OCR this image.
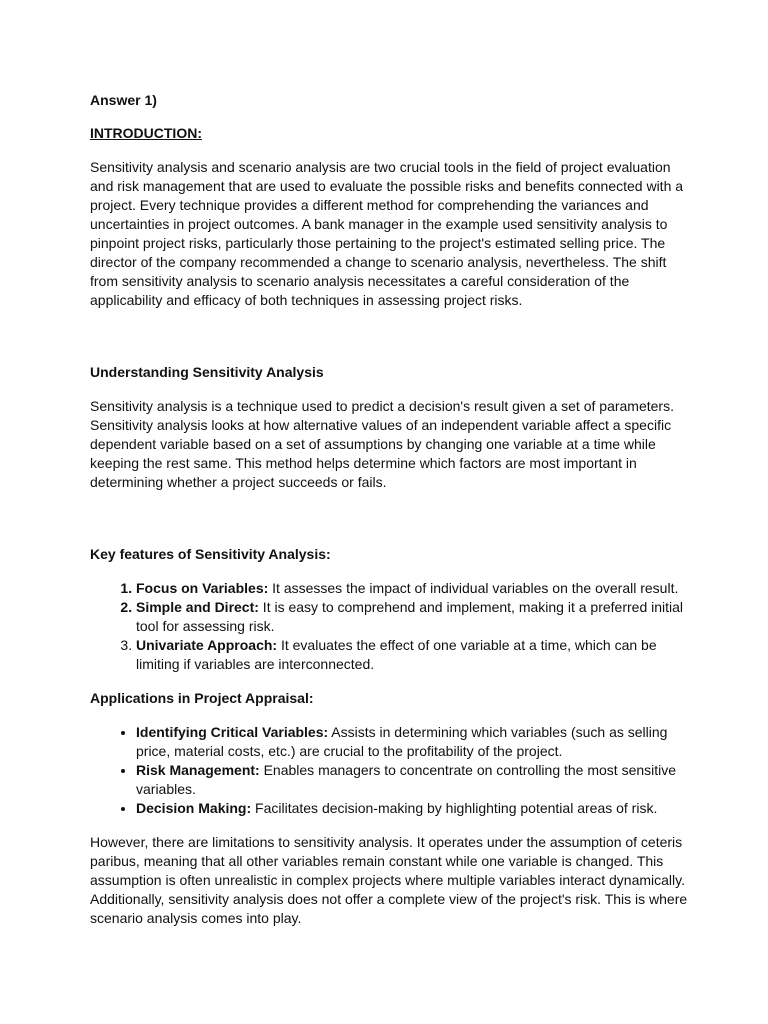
Answer 1)

INTRODUCTION:

Sensitivity analysis and scenario analysis are two crucial tools in the field of project evaluation and risk management that are used to evaluate the possible risks and benefits connected with a project. Every technique provides a different method for comprehending the variances and uncertainties in project outcomes. A bank manager in the example used sensitivity analysis to pinpoint project risks, particularly those pertaining to the project's estimated selling price. The director of the company recommended a change to scenario analysis, nevertheless. The shift from sensitivity analysis to scenario analysis necessitates a careful consideration of the applicability and efficacy of both techniques in assessing project risks.

Understanding Sensitivity Analysis

Sensitivity analysis is a technique used to predict a decision's result given a set of parameters. Sensitivity analysis looks at how alternative values of an independent variable affect a specific dependent variable based on a set of assumptions by changing one variable at a time while keeping the rest same. This method helps determine which factors are most important in determining whether a project succeeds or fails.

Key features of Sensitivity Analysis:

1. Focus on Variables: It assesses the impact of individual variables on the overall result.
2. Simple and Direct: It is easy to comprehend and implement, making it a preferred initial tool for assessing risk.
3. Univariate Approach: It evaluates the effect of one variable at a time, which can be limiting if variables are interconnected.

Applications in Project Appraisal:

• Identifying Critical Variables: Assists in determining which variables (such as selling price, material costs, etc.) are crucial to the profitability of the project.
• Risk Management: Enables managers to concentrate on controlling the most sensitive variables.
• Decision Making: Facilitates decision-making by highlighting potential areas of risk.

However, there are limitations to sensitivity analysis. It operates under the assumption of ceteris paribus, meaning that all other variables remain constant while one variable is changed. This assumption is often unrealistic in complex projects where multiple variables interact dynamically. Additionally, sensitivity analysis does not offer a complete view of the project's risk. This is where scenario analysis comes into play.
